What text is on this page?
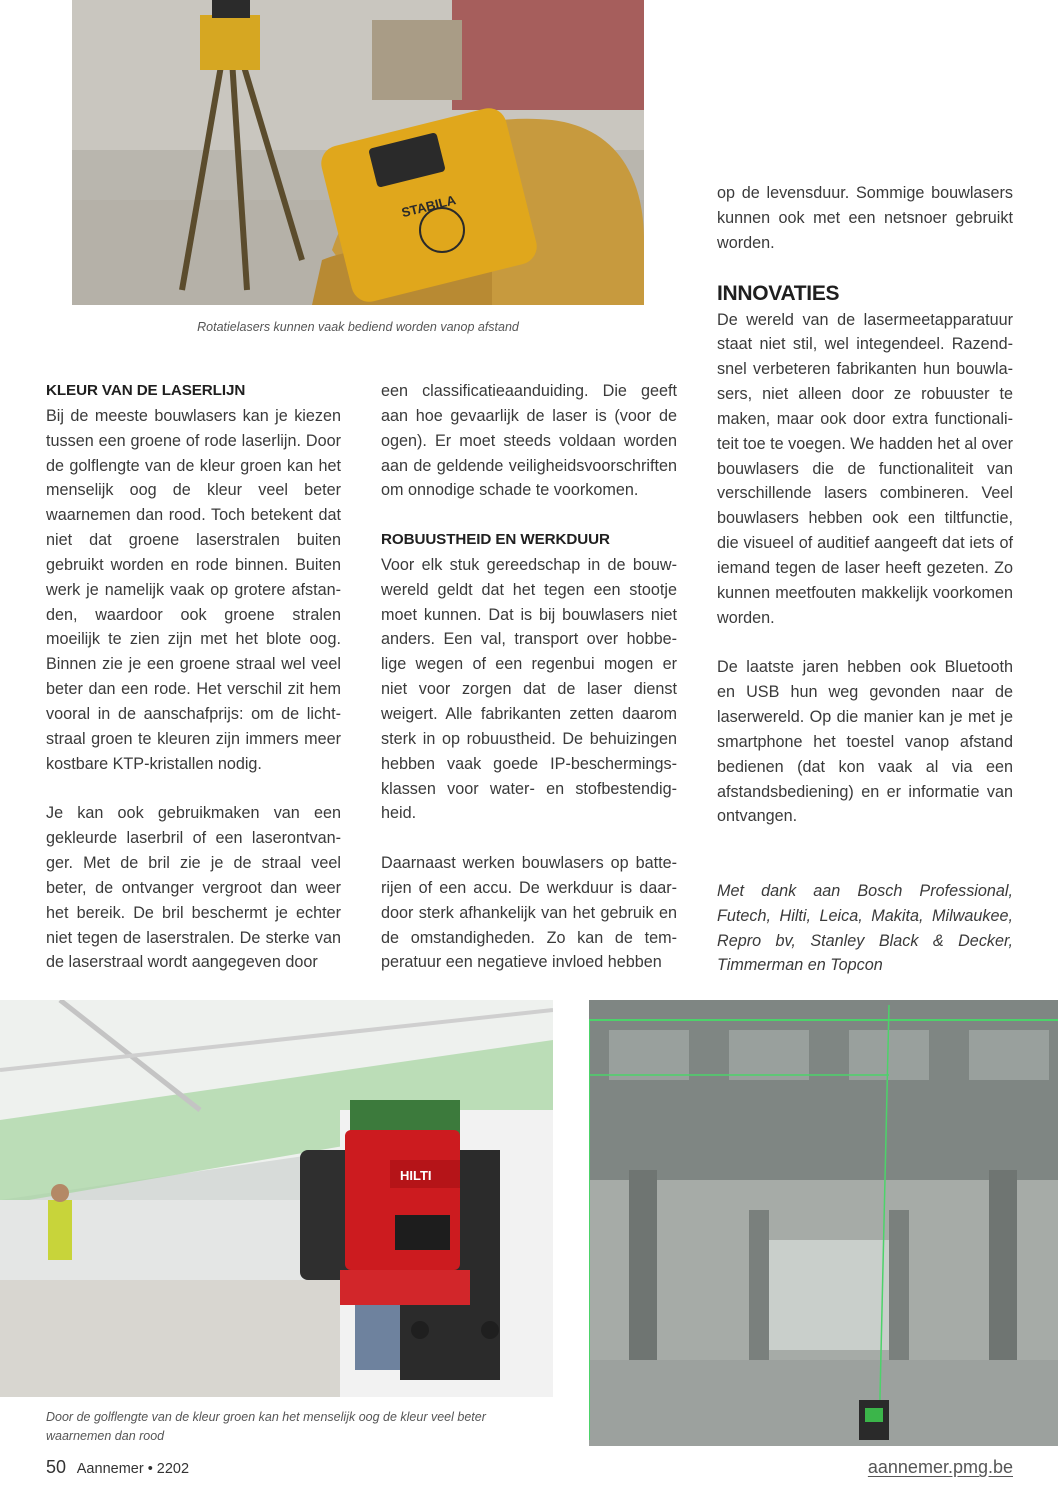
STABILA
Rotatielasers kunnen vaak bediend worden vanop afstand
KLEUR VAN DE LASERLIJN

Bij de meeste bouwlasers kan je kiezen tussen een groene of rode laserlijn. Door de golflengte van de kleur groen kan het menselijk oog de kleur veel beter waarnemen dan rood. Toch betekent dat niet dat groene laserstralen buiten gebruikt worden en rode binnen. Buiten werk je namelijk vaak op grotere afstanden, waardoor ook groene stralen moeilijk te zien zijn met het blote oog. Binnen zie je een groene straal wel veel beter dan een rode. Het verschil zit hem vooral in de aanschafprijs: om de lichtstraal groen te kleuren zijn immers meer kostbare KTP-kristallen nodig.

Je kan ook gebruikmaken van een gekleurde laserbril of een laserontvanger. Met de bril zie je de straal veel beter, de ontvanger vergroot dan weer het bereik. De bril beschermt je echter niet tegen de laserstralen. De sterke van de laserstraal wordt aangegeven door

een classificatieaanduiding. Die geeft aan hoe gevaarlijk de laser is (voor de ogen). Er moet steeds voldaan worden aan de geldende veiligheidsvoorschriften om onnodige schade te voorkomen.

ROBUUSTHEID EN WERKDUUR

Voor elk stuk gereedschap in de bouwwereld geldt dat het tegen een stootje moet kunnen. Dat is bij bouwlasers niet anders. Een val, transport over hobbelige wegen of een regenbui mogen er niet voor zorgen dat de laser dienst weigert. Alle fabrikanten zetten daarom sterk in op robuustheid. De behuizingen hebben vaak goede IP-beschermingsklassen voor water- en stofbestendigheid.

Daarnaast werken bouwlasers op batterijen of een accu. De werkduur is daardoor sterk afhankelijk van het gebruik en de omstandigheden. Zo kan de temperatuur een negatieve invloed hebben

op de levensduur. Sommige bouwlasers kunnen ook met een netsnoer gebruikt worden.

INNOVATIES

De wereld van de lasermeetapparatuur staat niet stil, wel integendeel. Razendsnel verbeteren fabrikanten hun bouwlasers, niet alleen door ze robuuster te maken, maar ook door extra functionaliteit toe te voegen. We hadden het al over bouwlasers die de functionaliteit van verschillende lasers combineren. Veel bouwlasers hebben ook een tiltfunctie, die visueel of auditief aangeeft dat iets of iemand tegen de laser heeft gezeten. Zo kunnen meetfouten makkelijk voorkomen worden.

De laatste jaren hebben ook Bluetooth en USB hun weg gevonden naar de laserwereld. Op die manier kan je met je smartphone het toestel vanop afstand bedienen (dat kon vaak al via een afstandsbediening) en er informatie van ontvangen.

Met dank aan Bosch Professional, Futech, Hilti, Leica, Makita, Milwaukee, Repro bv, Stanley Black & Decker, Timmerman en Topcon

HILTI
Door de golflengte van de kleur groen kan het menselijk oog de kleur veel beter waarnemen dan rood
50 Aannemer • 2202	aannemer.pmg.be
